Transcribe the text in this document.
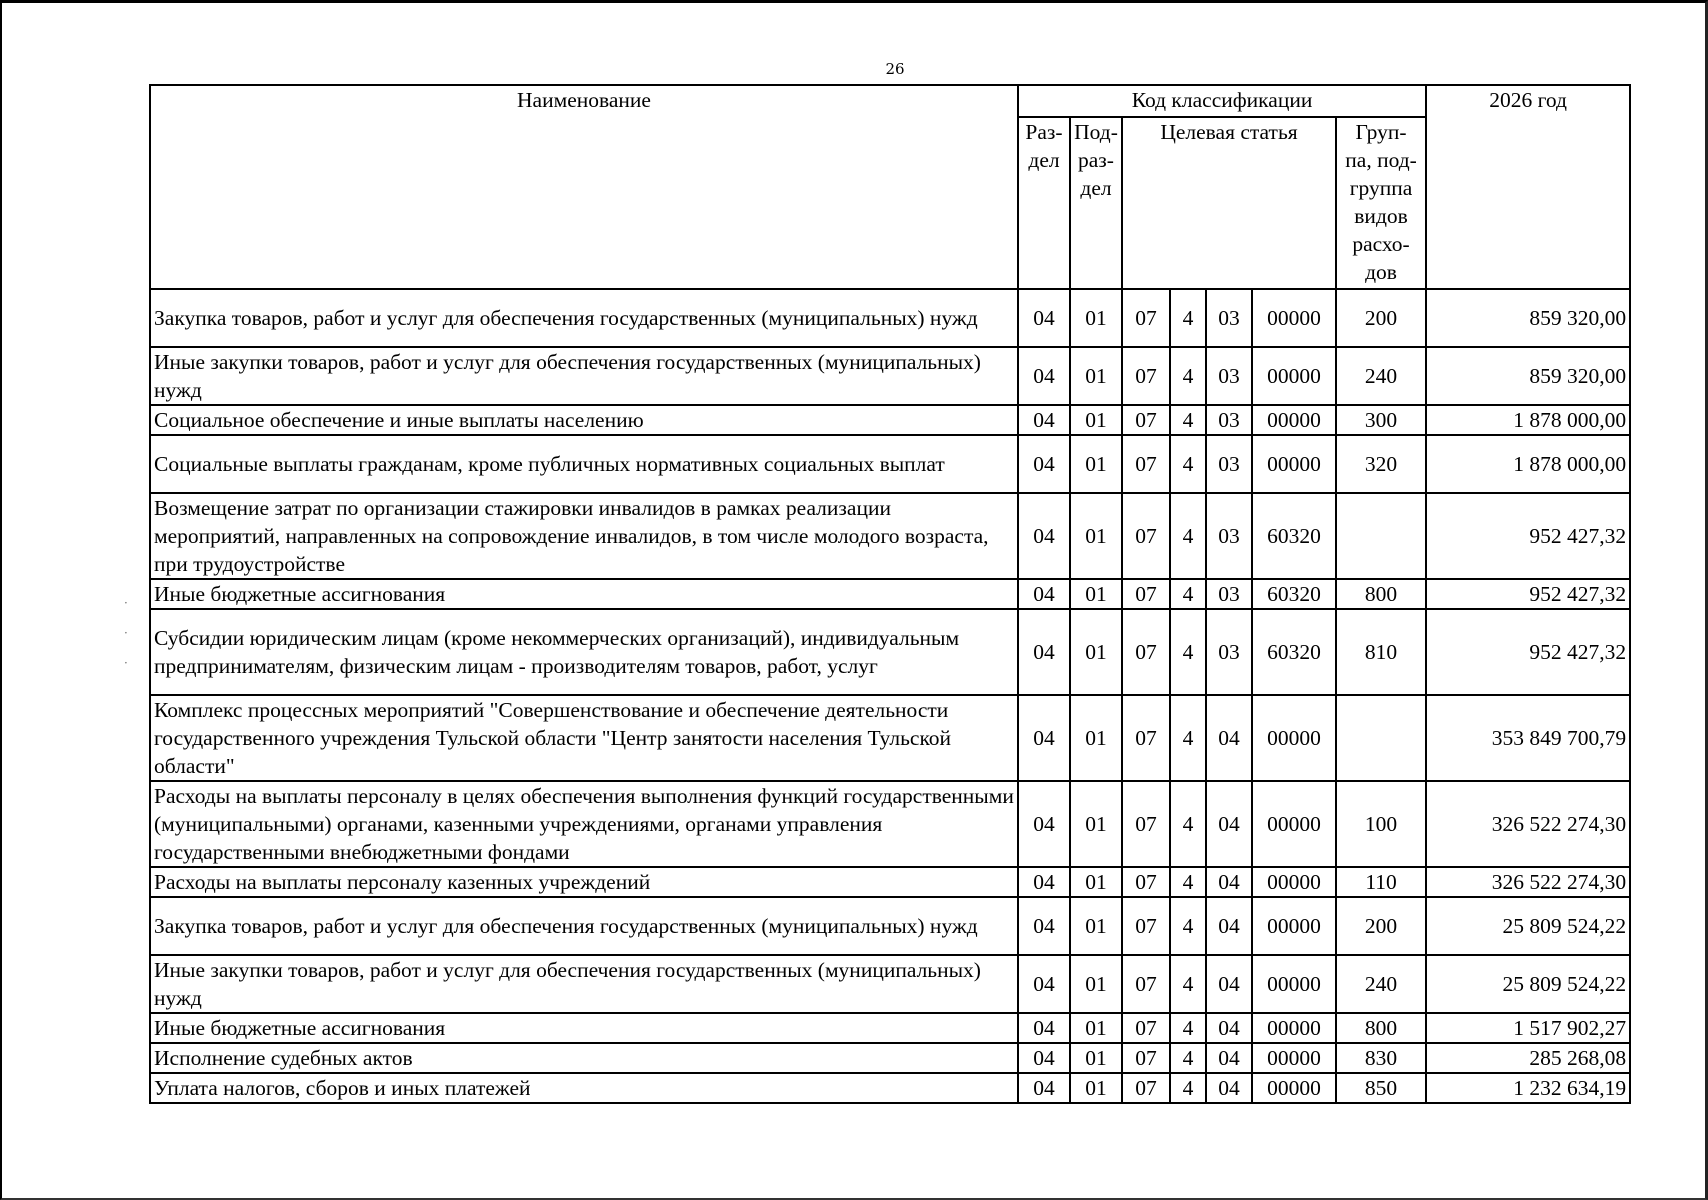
26
·
·
·
Наименование	Код классификации							2026 год
	Раз- дел	Под- раз- дел	Целевая статья				Груп- па, под- группа видов расхо- дов	
Закупка товаров, работ и услуг для обеспечения государственных (муниципальных) нужд	04	01	07	4	03	00000	200	859 320,00
Иные закупки товаров, работ и услуг для обеспечения государственных (муниципальных) нужд	04	01	07	4	03	00000	240	859 320,00
Социальное обеспечение и иные выплаты населению	04	01	07	4	03	00000	300	1 878 000,00
Социальные выплаты гражданам, кроме публичных нормативных социальных выплат	04	01	07	4	03	00000	320	1 878 000,00
Возмещение затрат по организации стажировки инвалидов в рамках реализации мероприятий, направленных на сопровождение инвалидов, в том числе молодого возраста, при трудоустройстве	04	01	07	4	03	60320		952 427,32
Иные бюджетные ассигнования	04	01	07	4	03	60320	800	952 427,32
Субсидии юридическим лицам (кроме некоммерческих организаций), индивидуальным предпринимателям, физическим лицам - производителям товаров, работ, услуг	04	01	07	4	03	60320	810	952 427,32
Комплекс процессных мероприятий "Совершенствование и обеспечение деятельности государственного учреждения Тульской области "Центр занятости населения Тульской области"	04	01	07	4	04	00000		353 849 700,79
Расходы на выплаты персоналу в целях обеспечения выполнения функций государственными (муниципальными) органами, казенными учреждениями, органами управления государственными внебюджетными фондами	04	01	07	4	04	00000	100	326 522 274,30
Расходы на выплаты персоналу казенных учреждений	04	01	07	4	04	00000	110	326 522 274,30
Закупка товаров, работ и услуг для обеспечения государственных (муниципальных) нужд	04	01	07	4	04	00000	200	25 809 524,22
Иные закупки товаров, работ и услуг для обеспечения государственных (муниципальных) нужд	04	01	07	4	04	00000	240	25 809 524,22
Иные бюджетные ассигнования	04	01	07	4	04	00000	800	1 517 902,27
Исполнение судебных актов	04	01	07	4	04	00000	830	285 268,08
Уплата налогов, сборов и иных платежей	04	01	07	4	04	00000	850	1 232 634,19
